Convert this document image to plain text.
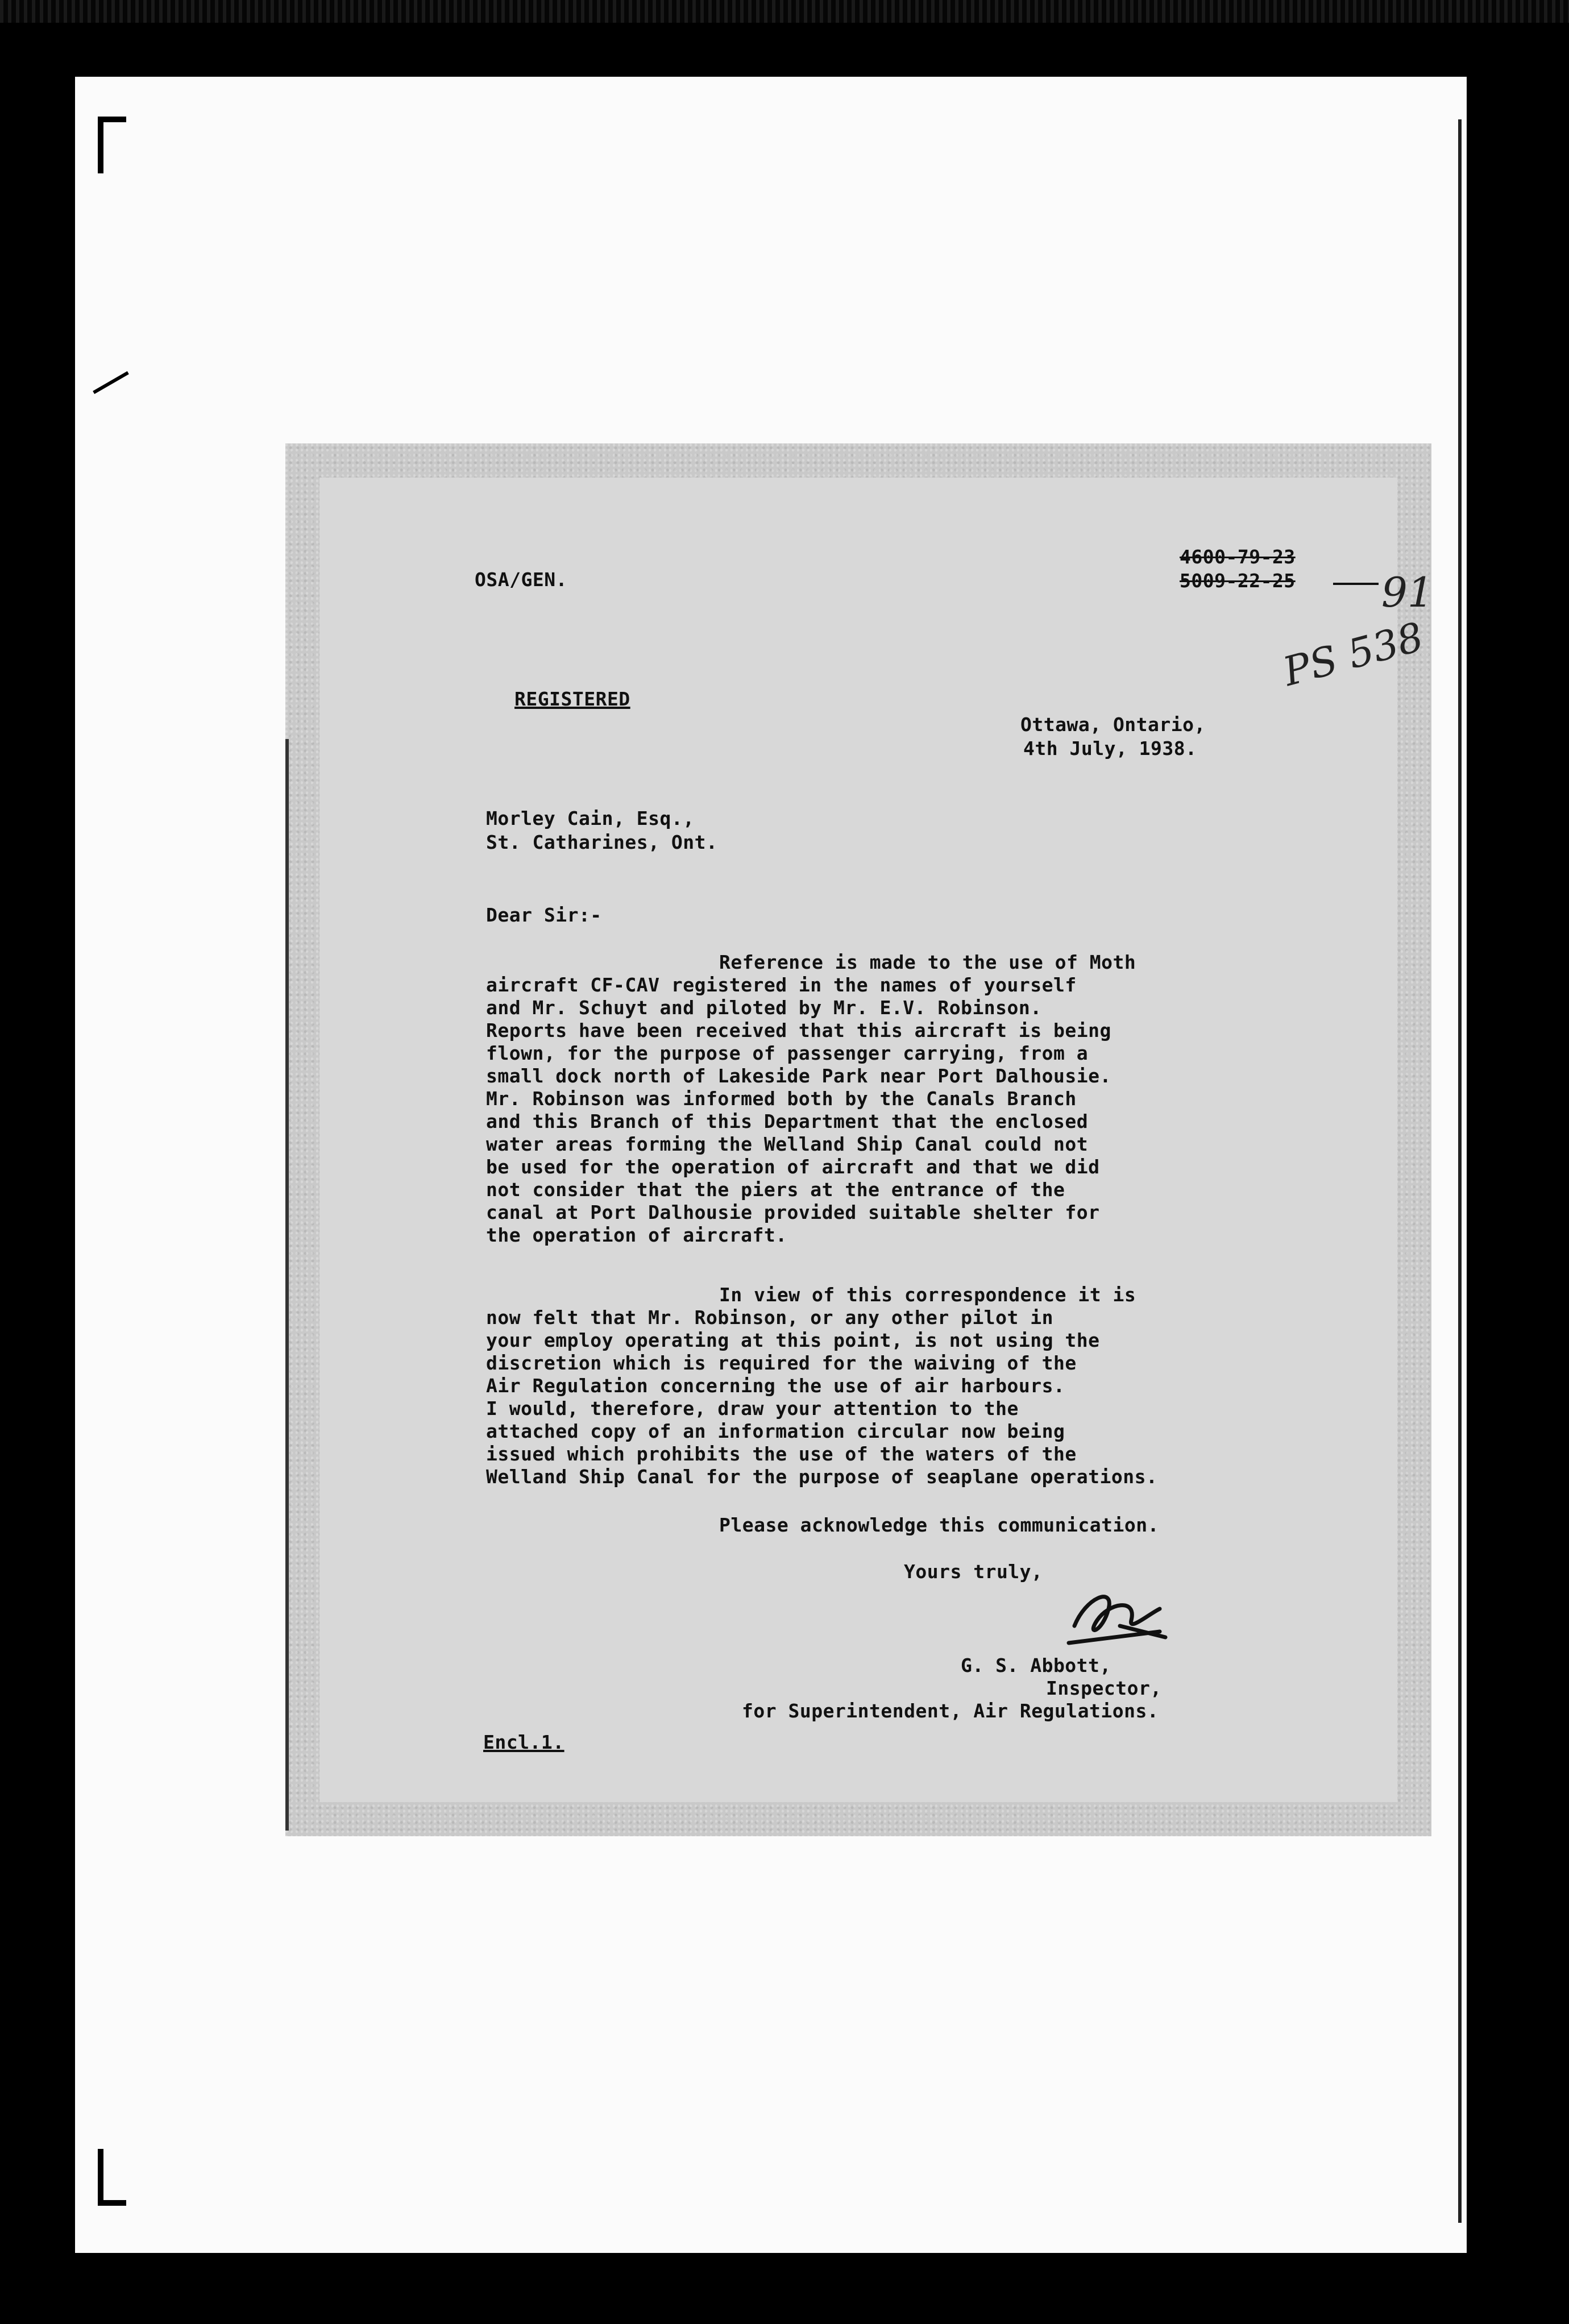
OSA/GEN.
4600-79-23
5009-22-25 91
PS 538
REGISTERED
Ottawa, Ontario,
4th July, 1938.
Morley Cain, Esq.,
St. Catharines, Ont.
Dear Sir:-
Reference is made to the use of Moth
aircraft CF-CAV registered in the names of yourself
and Mr. Schuyt and piloted by Mr. E.V. Robinson.
Reports have been received that this aircraft is being
flown, for the purpose of passenger carrying, from a
small dock north of Lakeside Park near Port Dalhousie.
Mr. Robinson was informed both by the Canals Branch
and this Branch of this Department that the enclosed
water areas forming the Welland Ship Canal could not
be used for the operation of aircraft and that we did
not consider that the piers at the entrance of the
canal at Port Dalhousie provided suitable shelter for
the operation of aircraft.
In view of this correspondence it is
now felt that Mr. Robinson, or any other pilot in
your employ operating at this point, is not using the
discretion which is required for the waiving of the
Air Regulation concerning the use of air harbours.
I would, therefore, draw your attention to the
attached copy of an information circular now being
issued which prohibits the use of the waters of the
Welland Ship Canal for the purpose of seaplane operations.
Please acknowledge this communication.
Yours truly,
G. S. Abbott,
Inspector,
for Superintendent, Air Regulations.
Encl.1.
